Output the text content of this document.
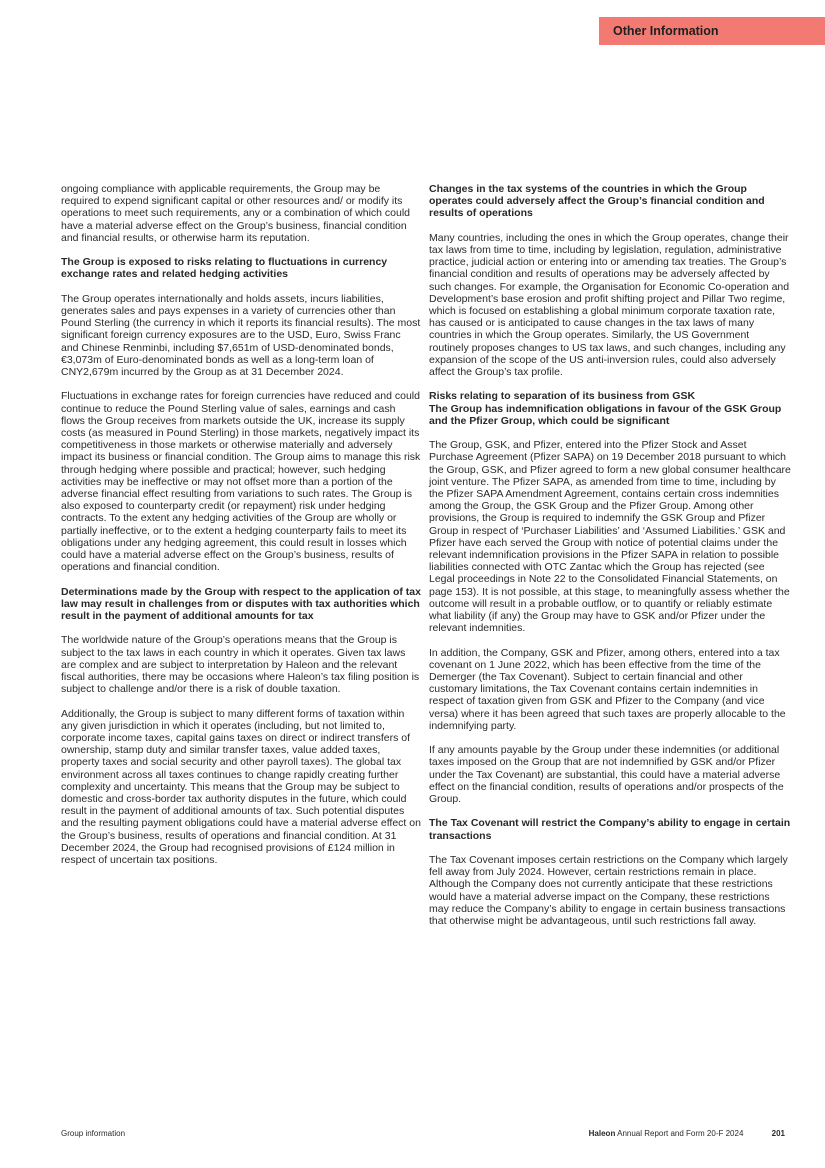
Other Information

ongoing compliance with applicable requirements, the Group may be required to expend significant capital or other resources and/ or modify its operations to meet such requirements, any or a combination of which could have a material adverse effect on the Group’s business, financial condition and financial results, or otherwise harm its reputation.

The Group is exposed to risks relating to fluctuations in currency exchange rates and related hedging activities

The Group operates internationally and holds assets, incurs liabilities, generates sales and pays expenses in a variety of currencies other than Pound Sterling (the currency in which it reports its financial results). The most significant foreign currency exposures are to the USD, Euro, Swiss Franc and Chinese Renminbi, including $7,651m of USD-denominated bonds, €3,073m of Euro-denominated bonds as well as a long-term loan of CNY2,679m incurred by the Group as at 31 December 2024.

Fluctuations in exchange rates for foreign currencies have reduced and could continue to reduce the Pound Sterling value of sales, earnings and cash flows the Group receives from markets outside the UK, increase its supply costs (as measured in Pound Sterling) in those markets, negatively impact its competitiveness in those markets or otherwise materially and adversely impact its business or financial condition. The Group aims to manage this risk through hedging where possible and practical; however, such hedging activities may be ineffective or may not offset more than a portion of the adverse financial effect resulting from variations to such rates. The Group is also exposed to counterparty credit (or repayment) risk under hedging contracts. To the extent any hedging activities of the Group are wholly or partially ineffective, or to the extent a hedging counterparty fails to meet its obligations under any hedging agreement, this could result in losses which could have a material adverse effect on the Group’s business, results of operations and financial condition.

Determinations made by the Group with respect to the application of tax law may result in challenges from or disputes with tax authorities which result in the payment of additional amounts for tax

The worldwide nature of the Group’s operations means that the Group is subject to the tax laws in each country in which it operates. Given tax laws are complex and are subject to interpretation by Haleon and the relevant fiscal authorities, there may be occasions where Haleon’s tax filing position is subject to challenge and/or there is a risk of double taxation.

Additionally, the Group is subject to many different forms of taxation within any given jurisdiction in which it operates (including, but not limited to, corporate income taxes, capital gains taxes on direct or indirect transfers of ownership, stamp duty and similar transfer taxes, value added taxes, property taxes and social security and other payroll taxes). The global tax environment across all taxes continues to change rapidly creating further complexity and uncertainty. This means that the Group may be subject to domestic and cross-border tax authority disputes in the future, which could result in the payment of additional amounts of tax. Such potential disputes and the resulting payment obligations could have a material adverse effect on the Group’s business, results of operations and financial condition. At 31 December 2024, the Group had recognised provisions of £124 million in respect of uncertain tax positions.

Changes in the tax systems of the countries in which the Group operates could adversely affect the Group’s financial condition and results of operations

Many countries, including the ones in which the Group operates, change their tax laws from time to time, including by legislation, regulation, administrative practice, judicial action or entering into or amending tax treaties. The Group’s financial condition and results of operations may be adversely affected by such changes. For example, the Organisation for Economic Co-operation and Development’s base erosion and profit shifting project and Pillar Two regime, which is focused on establishing a global minimum corporate taxation rate, has caused or is anticipated to cause changes in the tax laws of many countries in which the Group operates. Similarly, the US Government routinely proposes changes to US tax laws, and such changes, including any expansion of the scope of the US anti-inversion rules, could also adversely affect the Group’s tax profile.

Risks relating to separation of its business from GSK
The Group has indemnification obligations in favour of the GSK Group and the Pfizer Group, which could be significant

The Group, GSK, and Pfizer, entered into the Pfizer Stock and Asset Purchase Agreement (Pfizer SAPA) on 19 December 2018 pursuant to which the Group, GSK, and Pfizer agreed to form a new global consumer healthcare joint venture. The Pfizer SAPA, as amended from time to time, including by the Pfizer SAPA Amendment Agreement, contains certain cross indemnities among the Group, the GSK Group and the Pfizer Group. Among other provisions, the Group is required to indemnify the GSK Group and Pfizer Group in respect of ‘Purchaser Liabilities’ and ‘Assumed Liabilities.’ GSK and Pfizer have each served the Group with notice of potential claims under the relevant indemnification provisions in the Pfizer SAPA in relation to possible liabilities connected with OTC Zantac which the Group has rejected (see Legal proceedings in Note 22 to the Consolidated Financial Statements, on page 153). It is not possible, at this stage, to meaningfully assess whether the outcome will result in a probable outflow, or to quantify or reliably estimate what liability (if any) the Group may have to GSK and/or Pfizer under the relevant indemnities.

In addition, the Company, GSK and Pfizer, among others, entered into a tax covenant on 1 June 2022, which has been effective from the time of the Demerger (the Tax Covenant). Subject to certain financial and other customary limitations, the Tax Covenant contains certain indemnities in respect of taxation given from GSK and Pfizer to the Company (and vice versa) where it has been agreed that such taxes are properly allocable to the indemnifying party.

If any amounts payable by the Group under these indemnities (or additional taxes imposed on the Group that are not indemnified by GSK and/or Pfizer under the Tax Covenant) are substantial, this could have a material adverse effect on the financial condition, results of operations and/or prospects of the Group.

The Tax Covenant will restrict the Company’s ability to engage in certain transactions

The Tax Covenant imposes certain restrictions on the Company which largely fell away from July 2024. However, certain restrictions remain in place. Although the Company does not currently anticipate that these restrictions would have a material adverse impact on the Company, these restrictions may reduce the Company’s ability to engage in certain business transactions that otherwise might be advantageous, until such restrictions fall away.

Group information	Haleon Annual Report and Form 20-F 2024	201
